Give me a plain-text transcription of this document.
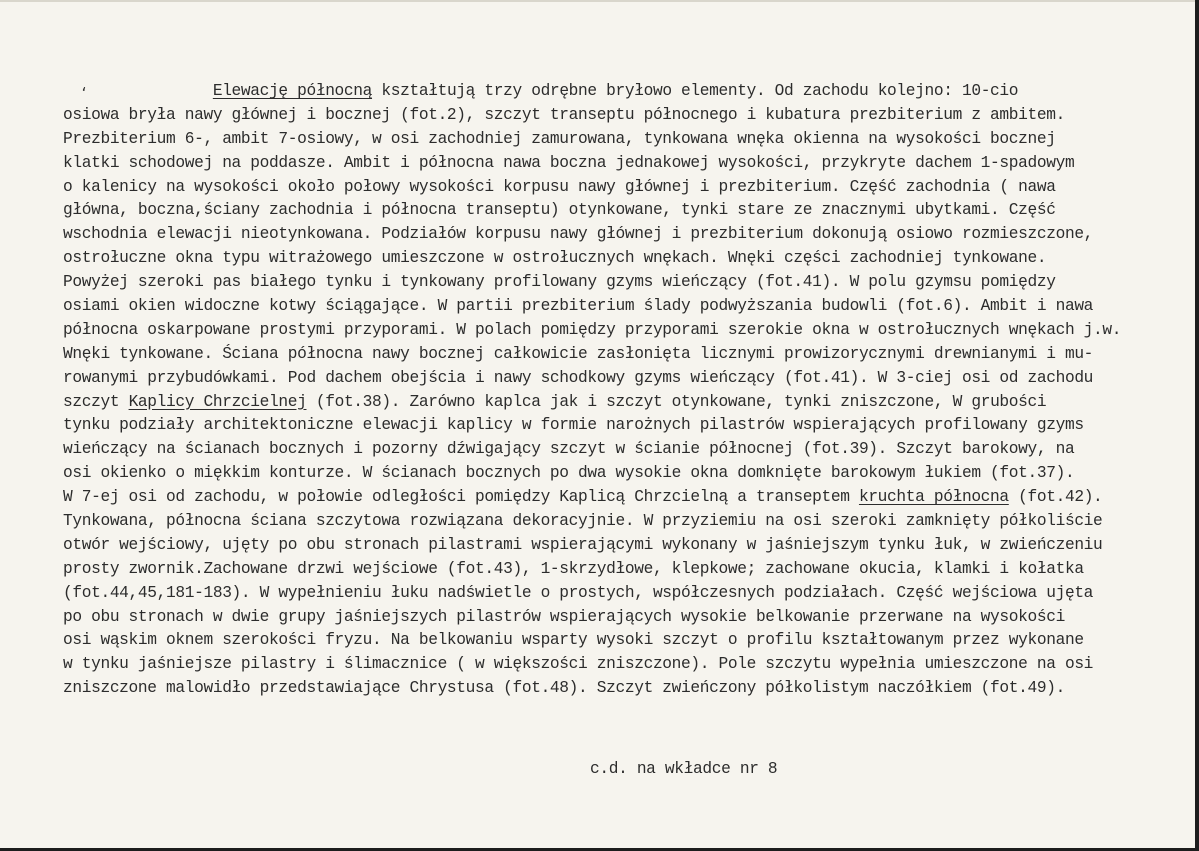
‘	Elewację północną kształtują trzy odrębne bryłowo elementy. Od zachodu kolejno: 10-cio
osiowa bryła nawy głównej i bocznej (fot.2), szczyt transeptu północnego i kubatura prezbiterium z ambitem.
Prezbiterium 6-, ambit 7-osiowy, w osi zachodniej zamurowana, tynkowana wnęka okienna na wysokości bocznej
klatki schodowej na poddasze. Ambit i północna nawa boczna jednakowej wysokości, przykryte dachem 1-spadowym
o kalenicy na wysokości około połowy wysokości korpusu nawy głównej i prezbiterium. Część zachodnia ( nawa
główna, boczna,ściany zachodnia i północna transeptu) otynkowane, tynki stare ze znacznymi ubytkami. Część
wschodnia elewacji nieotynkowana. Podziałów korpusu nawy głównej i prezbiterium dokonują osiowo rozmieszczone,
ostrołuczne okna typu witrażowego umieszczone w ostrołucznych wnękach. Wnęki części zachodniej tynkowane.
Powyżej szeroki pas białego tynku i tynkowany profilowany gzyms wieńczący (fot.41). W polu gzymsu pomiędzy
osiami okien widoczne kotwy ściągające. W partii prezbiterium ślady podwyższania budowli (fot.6). Ambit i nawa
północna oskarpowane prostymi przyporami. W polach pomiędzy przyporami szerokie okna w ostrołucznych wnękach j.w.
Wnęki tynkowane. Ściana północna nawy bocznej całkowicie zasłonięta licznymi prowizorycznymi drewnianymi i mu-
rowanymi przybudówkami. Pod dachem obejścia i nawy schodkowy gzyms wieńczący (fot.41). W 3-ciej osi od zachodu
szczyt Kaplicy Chrzcielnej (fot.38). Zarówno kaplca jak i szczyt otynkowane, tynki zniszczone, W grubości
tynku podziały architektoniczne elewacji kaplicy w formie narożnych pilastrów wspierających profilowany gzyms
wieńczący na ścianach bocznych i pozorny dźwigający szczyt w ścianie północnej (fot.39). Szczyt barokowy, na
osi okienko o miękkim konturze. W ścianach bocznych po dwa wysokie okna domknięte barokowym łukiem (fot.37).
W 7-ej osi od zachodu, w połowie odległości pomiędzy Kaplicą Chrzcielną a transeptem kruchta północna (fot.42).
Tynkowana, północna ściana szczytowa rozwiązana dekoracyjnie. W przyziemiu na osi szeroki zamknięty półkoliście
otwór wejściowy, ujęty po obu stronach pilastrami wspierającymi wykonany w jaśniejszym tynku łuk, w zwieńczeniu
prosty zwornik.Zachowane drzwi wejściowe (fot.43), 1-skrzydłowe, klepkowe; zachowane okucia, klamki i kołatka
(fot.44,45,181-183). W wypełnieniu łuku nadświetle o prostych, współczesnych podziałach. Część wejściowa ujęta
po obu stronach w dwie grupy jaśniejszych pilastrów wspierających wysokie belkowanie przerwane na wysokości
osi wąskim oknem szerokości fryzu. Na belkowaniu wsparty wysoki szczyt o profilu kształtowanym przez wykonane
w tynku jaśniejsze pilastry i ślimacznice ( w większości zniszczone). Pole szczytu wypełnia umieszczone na osi
zniszczone malowidło przedstawiające Chrystusa (fot.48). Szczyt zwieńczony półkolistym naczółkiem (fot.49).
c.d. na wkładce nr 8
